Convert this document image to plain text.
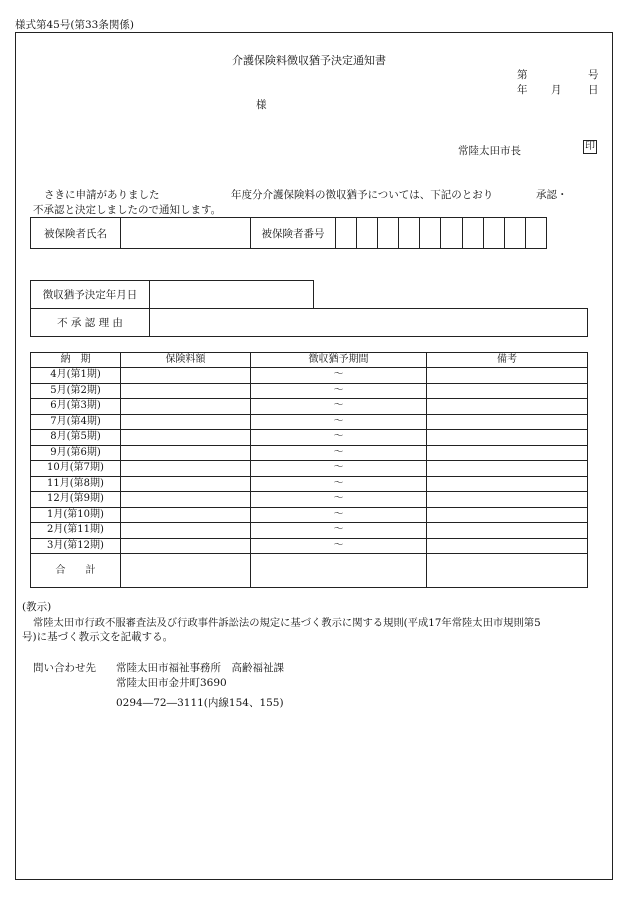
様式第45号(第33条関係)
介護保険料徴収猶予決定通知書
第	号
年 月	日
様
常陸太田市長	印
さきに申請がありました	年度分介護保険料の徴収猶予については、下記のとおり	承認・
不承認と決定しましたので通知します。
被保険者氏名		被保険者番号										
徴収猶予決定年月日		
不 承 認 理 由		
納　期	保険料額	徴収猶予期間	備考
4月(第1期)		〜	
5月(第2期)		〜	
6月(第3期)		〜	
7月(第4期)		〜	
8月(第5期)		〜	
9月(第6期)		〜	
10月(第7期)		〜	
11月(第8期)		〜	
12月(第9期)		〜	
1月(第10期)		〜	
2月(第11期)		〜	
3月(第12期)		〜	
合　　計			
(教示)
常陸太田市行政不服審査法及び行政事件訴訟法の規定に基づく教示に関する規則(平成17年常陸太田市規則第5
号)に基づく教示文を記載する。
問い合わせ先 常陸太田市福祉事務所　高齢福祉課
常陸太田市金井町3690
0294―72―3111(内線154、155)
